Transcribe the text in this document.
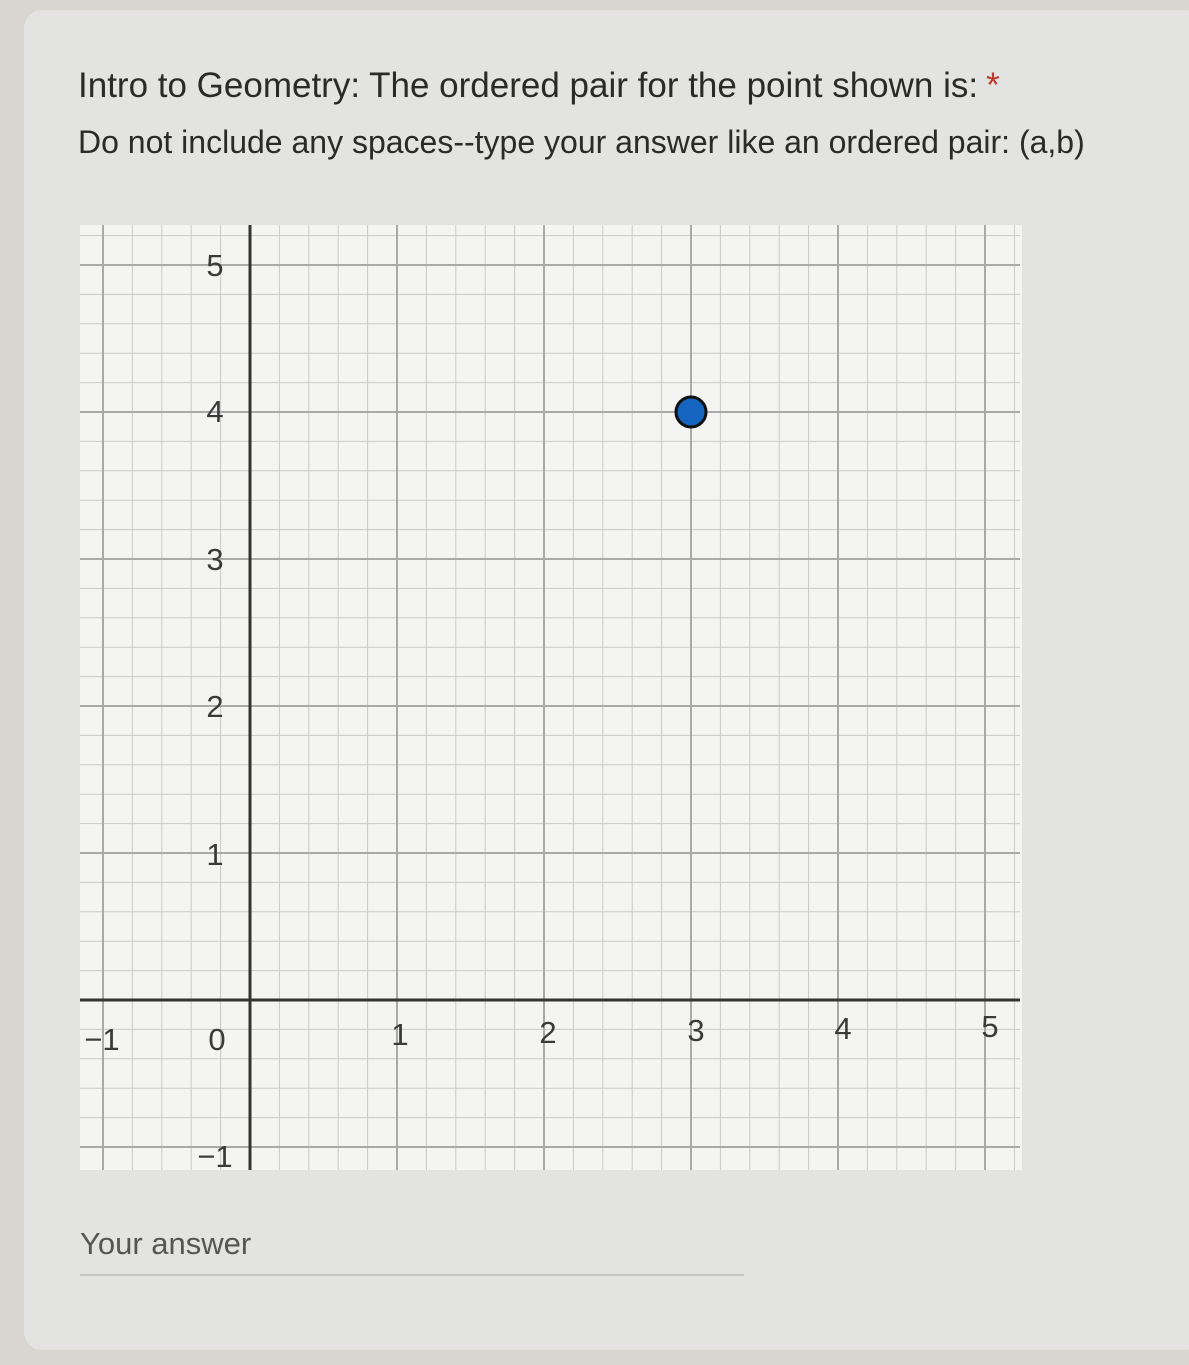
Intro to Geometry: The ordered pair for the point shown is: *
Do not include any spaces--type your answer like an ordered pair: (a,b)
−1	0	1	2	3	4	5
5
4
3
2
1
−1
Your answer
